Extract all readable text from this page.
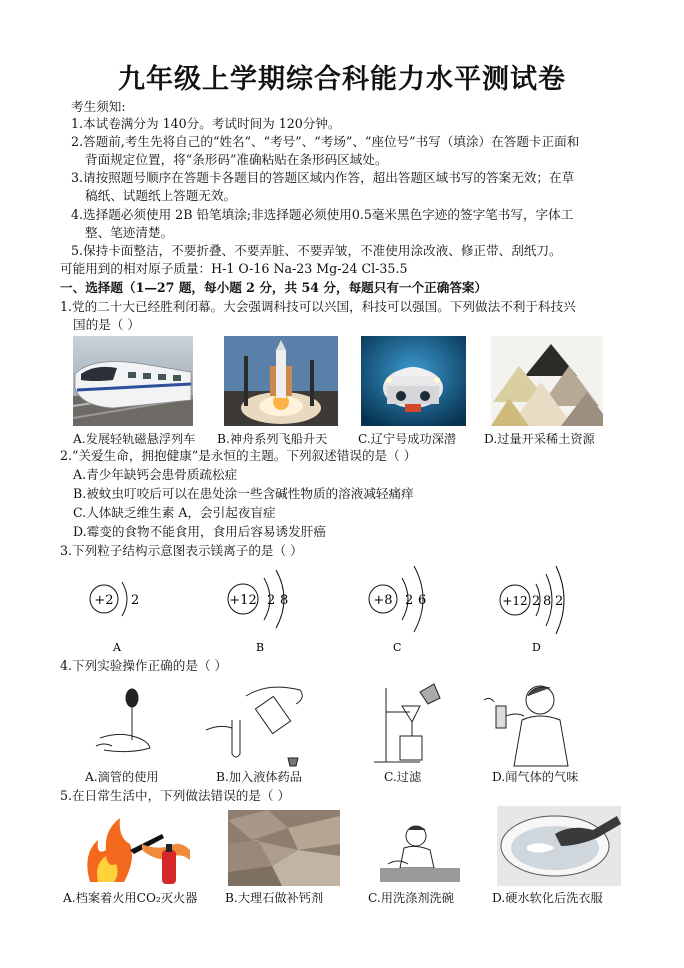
九年级上学期综合科能力水平测试卷
考生须知:
1.本试卷满分为 140分。考试时间为 120分钟。
2.答题前,考生先将自己的“姓名”、“考号”、“考场”、“座位号”书写（填涂）在答题卡正面和
背面规定位置，将“条形码”准确粘贴在条形码区域处。
3.请按照题号顺序在答题卡各题目的答题区域内作答，超出答题区域书写的答案无效；在草
稿纸、试题纸上答题无效。
4.选择题必须使用 2B 铅笔填涂;非选择题必须使用0.5毫米黑色字迹的签字笔书写，字体工
整、笔迹清楚。
5.保持卡面整洁，不要折叠、不要弄脏、不要弄皱，不准使用涂改液、修正带、刮纸刀。
可能用到的相对原子质量：H-1 O-16 Na-23 Mg-24 Cl-35.5
一、选择题（1—27 题，每小题 2 分，共 54 分，每题只有一个正确答案）
1.党的二十大已经胜利闭幕。大会强调科技可以兴国，科技可以强国。下列做法不利于科技兴
国的是（ ）
A.发展轻轨磁悬浮列车 B.神舟系列飞船升天	C.辽宁号成功深潜 D.过量开采稀土资源
2.“关爱生命，拥抱健康”是永恒的主题。下列叙述错误的是（ ）
A.青少年缺钙会患骨质疏松症
B.被蚊虫叮咬后可以在患处涂一些含碱性物质的溶液减轻痛痒
C.人体缺乏维生素 A，会引起夜盲症
D.霉变的食物不能食用，食用后容易诱发肝癌
3.下列粒子结构示意图表示镁离子的是（ ）
+2 2
A
+12 2 8
B
+8 2 6
C
+12 2 8 2
D
4.下列实验操作正确的是（ ）
A.滴管的使用	B.加入液体药品	C.过滤	D.闻气体的气味
5.在日常生活中，下列做法错误的是（ ）
A.档案着火用CO₂灭火器 B.大理石做补钙剂	C.用洗涤剂洗碗	D.硬水软化后洗衣服
